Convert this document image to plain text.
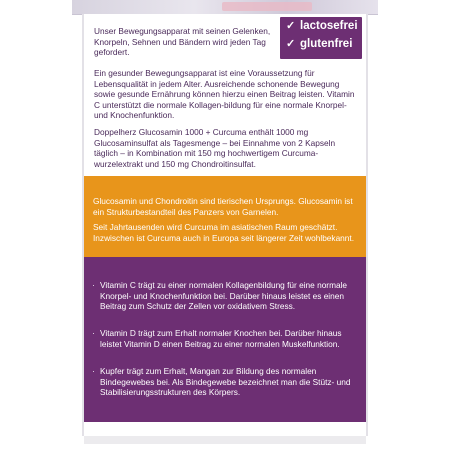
Unser Bewegungsapparat mit seinen Gelenken, Knorpeln, Sehnen und Bändern wird jeden Tag gefordert.

✓ lactosefrei
✓ glutenfrei

Ein gesunder Bewegungsapparat ist eine Voraussetzung für Lebensqualität in jedem Alter. Ausreichende schonende Bewegung sowie gesunde Ernährung können hierzu einen Beitrag leisten. Vitamin C unterstützt die normale Kollagen-bildung für eine normale Knorpel- und Knochenfunktion.

Doppelherz Glucosamin 1000 + Curcuma enthält 1000 mg Glucosaminsulfat als Tagesmenge – bei Einnahme von 2 Kapseln täglich – in Kombination mit 150 mg hochwertigem Curcuma-wurzelextrakt und 150 mg Chondroitinsulfat.

Glucosamin und Chondroitin sind tierischen Ursprungs. Glucosamin ist ein Strukturbestandteil des Panzers von Garnelen.

Seit Jahrtausenden wird Curcuma im asiatischen Raum geschätzt. Inzwischen ist Curcuma auch in Europa seit längerer Zeit wohlbekannt.

· Vitamin C trägt zu einer normalen Kollagenbildung für eine normale Knorpel- und Knochenfunktion bei. Darüber hinaus leistet es einen Beitrag zum Schutz der Zellen vor oxidativem Stress.
· Vitamin D trägt zum Erhalt normaler Knochen bei. Darüber hinaus leistet Vitamin D einen Beitrag zu einer normalen Muskelfunktion.
· Kupfer trägt zum Erhalt, Mangan zur Bildung des normalen Bindegewebes bei. Als Bindegewebe bezeichnet man die Stütz- und Stabilisierungsstrukturen des Körpers.
